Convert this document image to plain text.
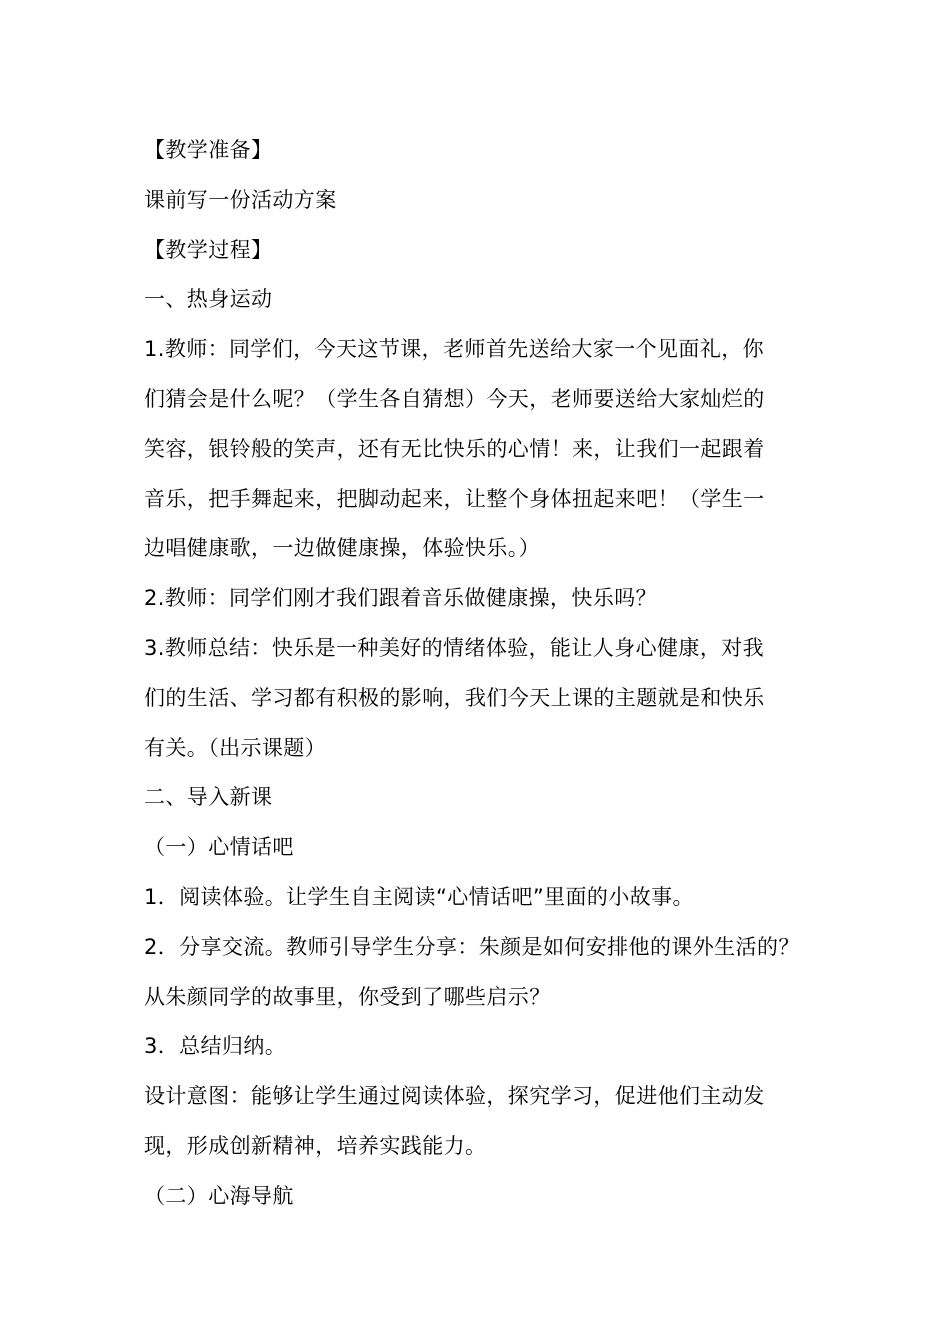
【教学准备】
课前写一份活动方案
【教学过程】
一、热身运动
1.教师：同学们，今天这节课，老师首先送给大家一个见面礼，你
们猜会是什么呢？（学生各自猜想）今天，老师要送给大家灿烂的
笑容，银铃般的笑声，还有无比快乐的心情！来，让我们一起跟着
音乐，把手舞起来，把脚动起来，让整个身体扭起来吧！（学生一
边唱健康歌，一边做健康操，体验快乐。）
2.教师：同学们刚才我们跟着音乐做健康操，快乐吗？
3.教师总结：快乐是一种美好的情绪体验，能让人身心健康，对我
们的生活、学习都有积极的影响，我们今天上课的主题就是和快乐
有关。（出示课题）
二、导入新课
（一）心情话吧
1．阅读体验。让学生自主阅读“心情话吧”里面的小故事。
2．分享交流。教师引导学生分享：朱颜是如何安排他的课外生活的？
从朱颜同学的故事里，你受到了哪些启示？
3．总结归纳。
设计意图：能够让学生通过阅读体验，探究学习，促进他们主动发
现，形成创新精神，培养实践能力。
（二）心海导航
